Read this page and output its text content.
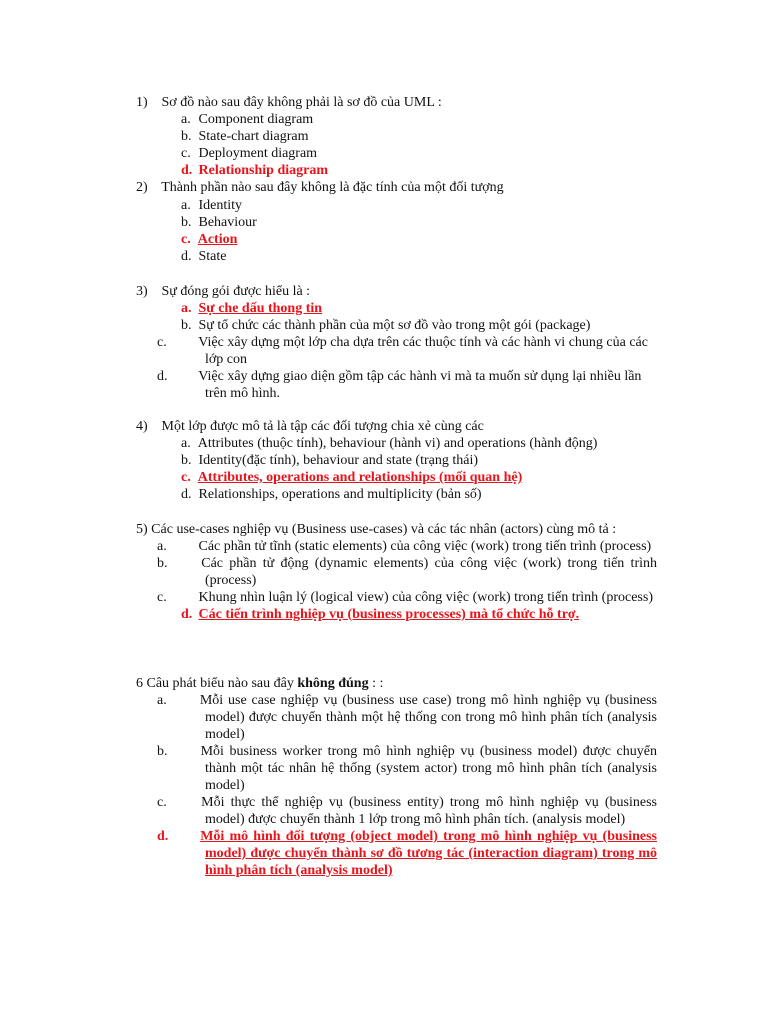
1) Sơ đồ nào sau đây không phải là sơ đồ của UML :
a. Component diagram
b. State-chart diagram
c. Deployment diagram
d. Relationship diagram
2) Thành phần nào sau đây không là đặc tính của một đối tượng
a. Identity
b. Behaviour
c. Action
d. State
3) Sự đóng gói được hiểu là :
a. Sự che dấu thong tin
b. Sự tổ chức các thành phần của một sơ đồ vào trong một gói (package)
c. Việc xây dựng một lớp cha dựa trên các thuộc tính và các hành vi chung của các lớp con
d. Việc xây dựng giao diện gồm tập các hành vi mà ta muốn sử dụng lại nhiều lần trên mô hình.
4) Một lớp được mô tả là tập các đối tượng chia xẻ cùng các
a. Attributes (thuộc tính), behaviour (hành vi) and operations (hành động)
b. Identity(đặc tính), behaviour and state (trạng thái)
c. Attributes, operations and relationships (mối quan hệ)
d. Relationships, operations and multiplicity (bản số)
5) Các use-cases nghiệp vụ (Business use-cases) và các tác nhân (actors) cùng mô tả :
a. Các phần tử tĩnh (static elements) của công việc (work) trong tiến trình (process)
b. Các phần tử động (dynamic elements) của công việc (work) trong tiến trình (process)
c. Khung nhìn luận lý (logical view) của công việc (work) trong tiến trình (process)
d. Các tiến trình nghiệp vụ (business processes) mà tổ chức hỗ trợ.
6 Câu phát biểu nào sau đây không đúng : :
a. Mỗi use case nghiệp vụ (business use case) trong mô hình nghiệp vụ (business model) được chuyển thành một hệ thống con trong mô hình phân tích (analysis model)
b. Mỗi business worker trong mô hình nghiệp vụ (business model) được chuyển thành một tác nhân hệ thống (system actor) trong mô hình phân tích (analysis model)
c. Mỗi thực thể nghiệp vụ (business entity) trong mô hình nghiệp vụ (business model) được chuyển thành 1 lớp trong mô hình phân tích. (analysis model)
d. Mỗi mô hình đối tượng (object model) trong mô hình nghiệp vụ (business model) được chuyển thành sơ đồ tương tác (interaction diagram) trong mô hình phân tích (analysis model)
